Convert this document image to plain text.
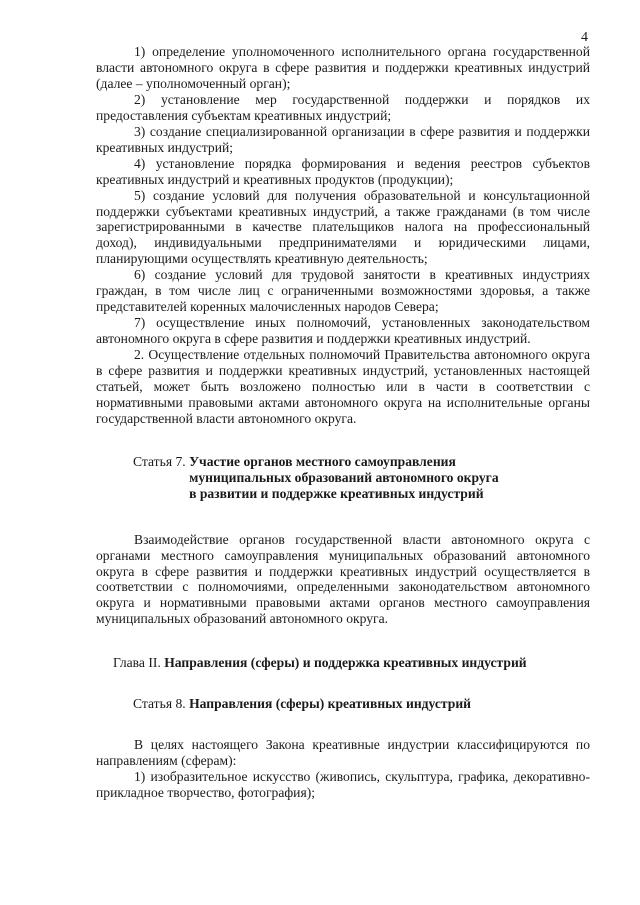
4

1) определение уполномоченного исполнительного органа государственной власти автономного округа в сфере развития и поддержки креативных индустрий (далее – уполномоченный орган);

2) установление мер государственной поддержки и порядков их предоставления субъектам креативных индустрий;

3) создание специализированной организации в сфере развития и поддержки креативных индустрий;

4) установление порядка формирования и ведения реестров субъектов креативных индустрий и креативных продуктов (продукции);

5) создание условий для получения образовательной и консультационной поддержки субъектами креативных индустрий, а также гражданами (в том числе зарегистрированными в качестве плательщиков налога на профессиональный доход), индивидуальными предпринимателями и юридическими лицами, планирующими осуществлять креативную деятельность;

6) создание условий для трудовой занятости в креативных индустриях граждан, в том числе лиц с ограниченными возможностями здоровья, а также представителей коренных малочисленных народов Севера;

7) осуществление иных полномочий, установленных законодательством автономного округа в сфере развития и поддержки креативных индустрий.

2. Осуществление отдельных полномочий Правительства автономного округа в сфере развития и поддержки креативных индустрий, установленных настоящей статьей, может быть возложено полностью или в части в соответствии с нормативными правовыми актами автономного округа на исполнительные органы государственной власти автономного округа.

Статья 7. Участие органов местного самоуправления
муниципальных образований автономного округа
в развитии и поддержке креативных индустрий

Взаимодействие органов государственной власти автономного округа с органами местного самоуправления муниципальных образований автономного округа в сфере развития и поддержки креативных индустрий осуществляется в соответствии с полномочиями, определенными законодательством автономного округа и нормативными правовыми актами органов местного самоуправления муниципальных образований автономного округа.

Глава II. Направления (сферы) и поддержка креативных индустрий
Статья 8. Направления (сферы) креативных индустрий

В целях настоящего Закона креативные индустрии классифицируются по направлениям (сферам):

1) изобразительное искусство (живопись, скульптура, графика, декоративно-прикладное творчество, фотография);
